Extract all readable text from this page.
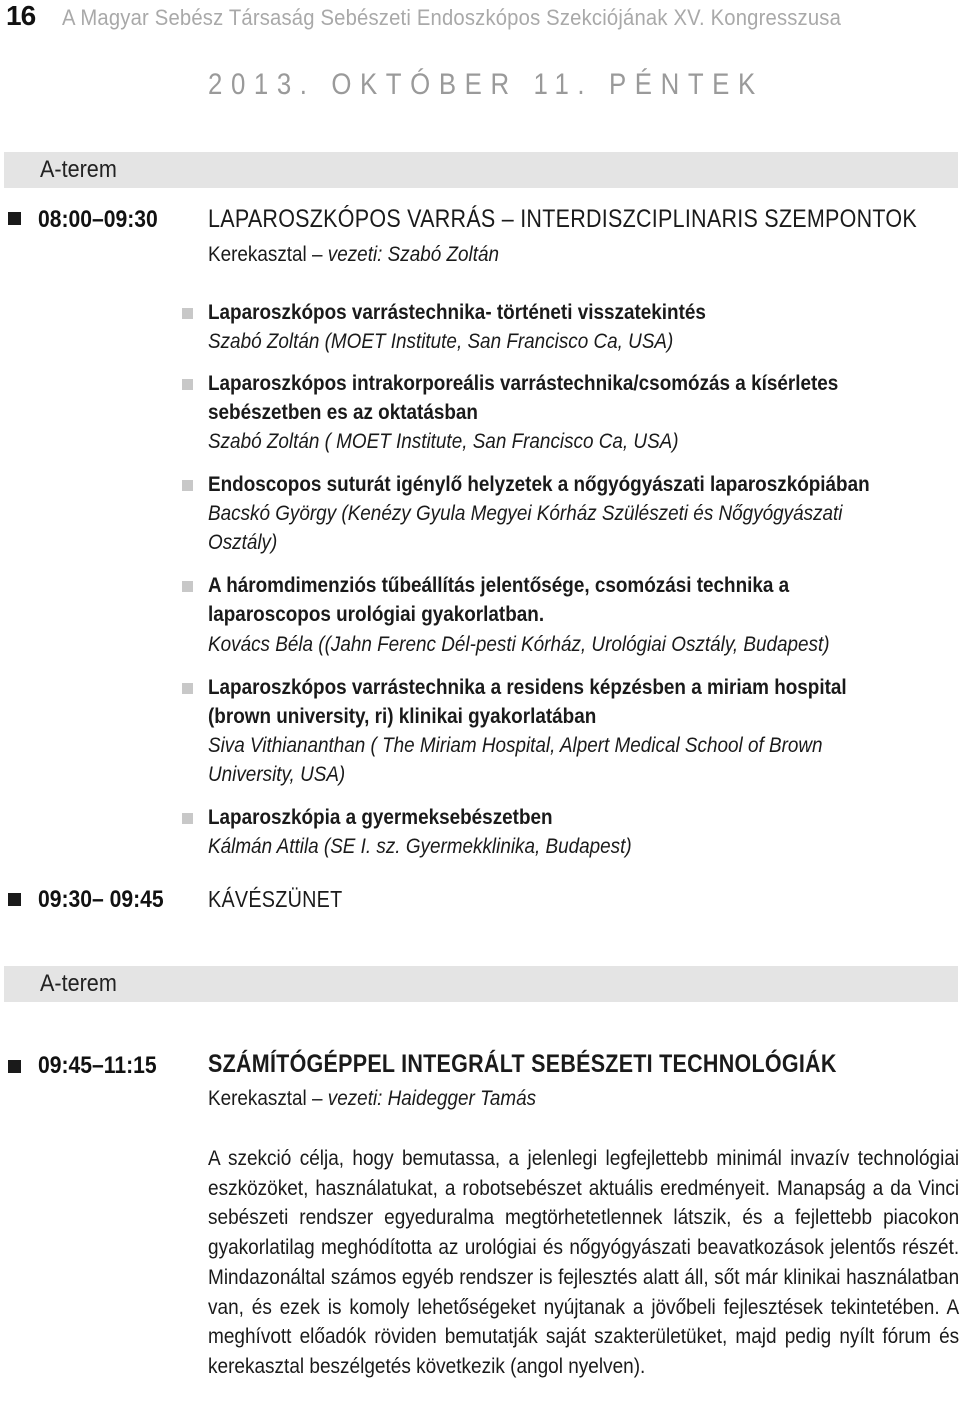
16 A Magyar Sebész Társaság Sebészeti Endoszkópos Szekciójának XV. Kongresszusa
2013. OKTÓBER 11. PÉNTEK
A-terem
08:00–09:30 LAPAROSZKÓPOS VARRÁS – INTERDISZCIPLINARIS SZEMPONTOK
Kerekasztal – vezeti: Szabó Zoltán
Laparoszkópos varrástechnika- történeti visszatekintés
Szabó Zoltán (MOET Institute, San Francisco Ca, USA)
Laparoszkópos intrakorporeális varrástechnika/csomózás a kísérletes
sebészetben es az oktatásban
Szabó Zoltán ( MOET Institute, San Francisco Ca, USA)
Endoscopos suturát igénylő helyzetek a nőgyógyászati laparoszkópiában
Bacskó György (Kenézy Gyula Megyei Kórház Szülészeti és Nőgyógyászati
Osztály)
A háromdimenziós tűbeállítás jelentősége, csomózási technika a
laparoscopos urológiai gyakorlatban.
Kovács Béla ((Jahn Ferenc Dél-pesti Kórház, Urológiai Osztály, Budapest)
Laparoszkópos varrástechnika a residens képzésben a miriam hospital
(brown university, ri) klinikai gyakorlatában
Siva Vithiananthan ( The Miriam Hospital, Alpert Medical School of Brown
University, USA)
Laparoszkópia a gyermeksebészetben
Kálmán Attila (SE I. sz. Gyermekklinika, Budapest)
09:30– 09:45 KÁVÉSZÜNET
A-terem
09:45–11:15 SZÁMÍTÓGÉPPEL INTEGRÁLT SEBÉSZETI TECHNOLÓGIÁK
Kerekasztal – vezeti: Haidegger Tamás
A szekció célja, hogy bemutassa, a jelenlegi legfejlettebb minimál invazív technológiai eszközöket, használatukat, a robotsebészet aktuális eredményeit. Manapság a da Vinci sebészeti rendszer egyeduralma megtörhetetlennek látszik, és a fejlettebb piacokon gyakorlatilag meghódította az urológiai és nőgyógyászati beavatkozások jelentős részét. Mindazonáltal számos egyéb rendszer is fejlesztés alatt áll, sőt már klinikai használatban van, és ezek is komoly lehetőségeket nyújtanak a jövőbeli fejlesztések tekintetében. A meghívott előadók röviden bemutatják saját szakterületüket, majd pedig nyílt fórum és kerekasztal beszélgetés következik (angol nyelven).
